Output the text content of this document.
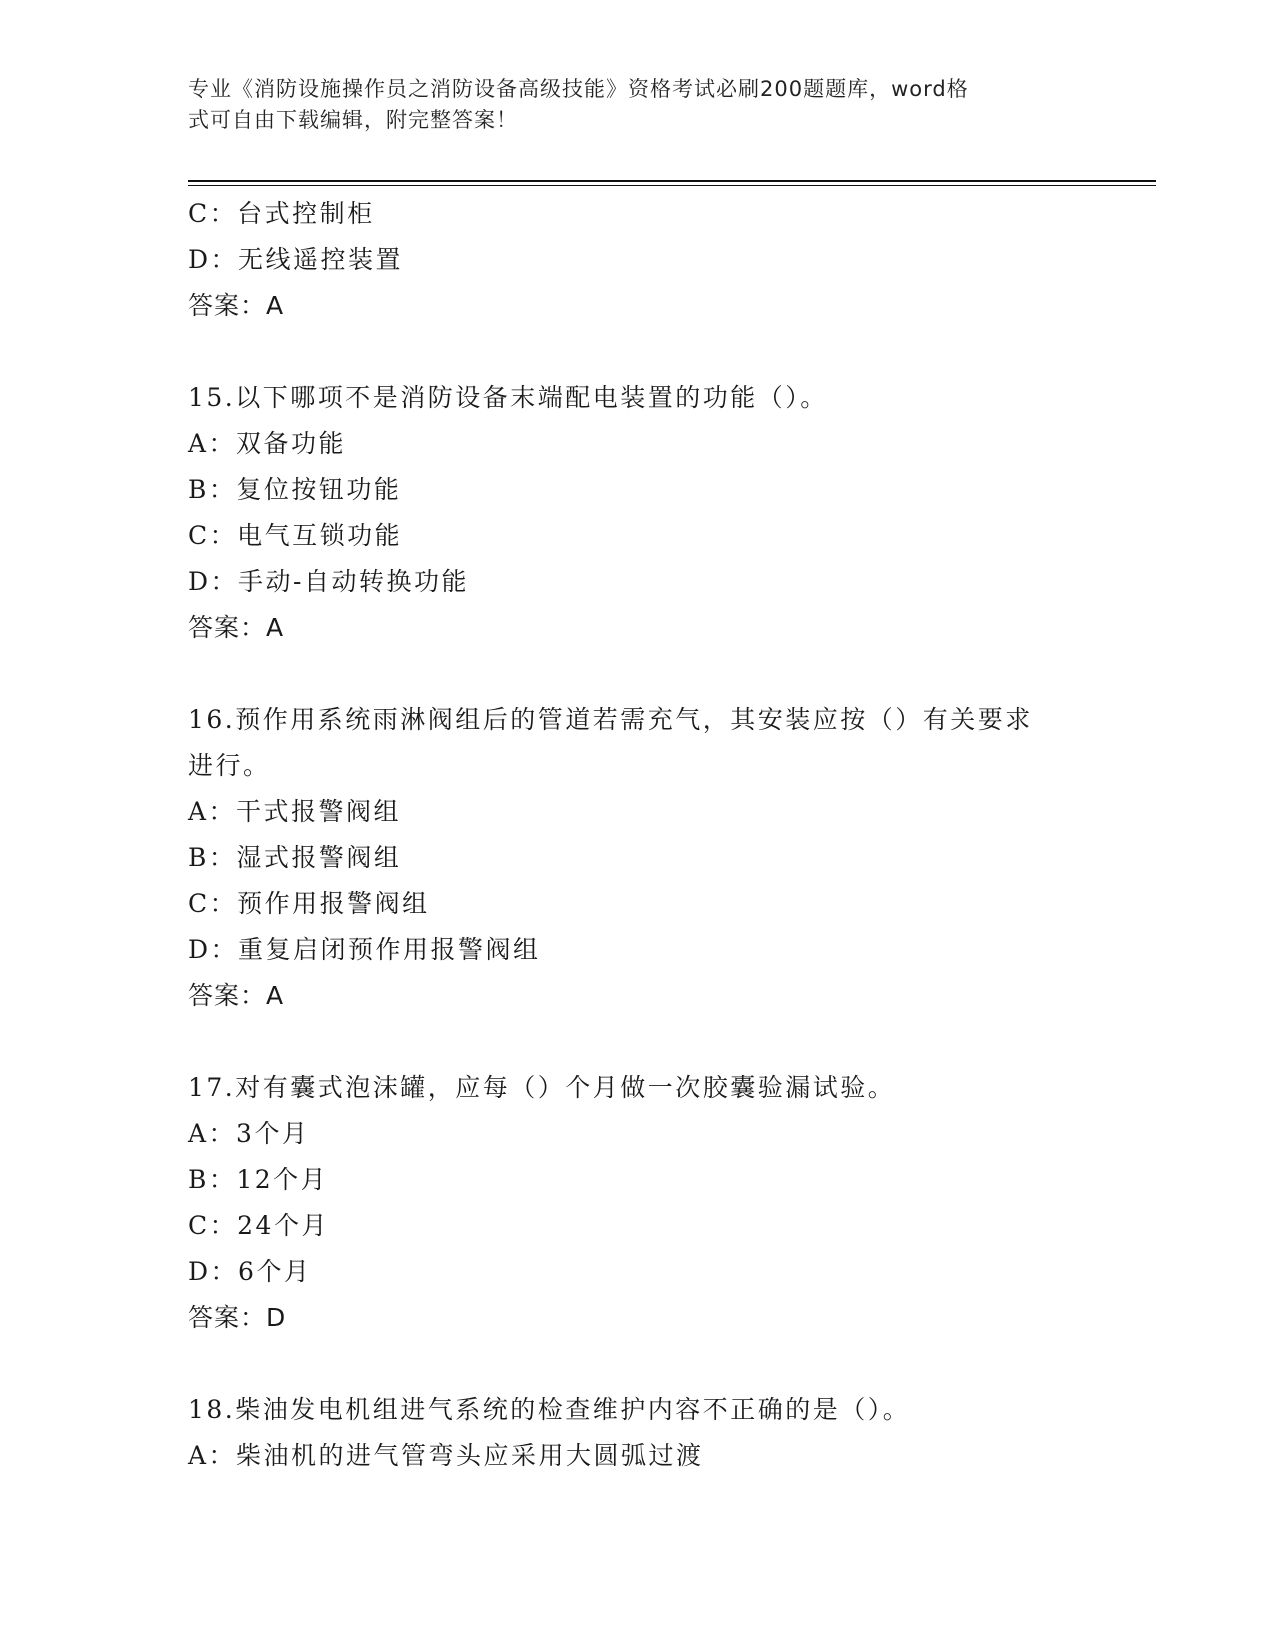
专业《消防设施操作员之消防设备高级技能》资格考试必刷200题题库，word格
式可自由下载编辑，附完整答案！
C：台式控制柜
D：无线遥控装置
答案：A
15.以下哪项不是消防设备末端配电装置的功能（）。
A：双备功能
B：复位按钮功能
C：电气互锁功能
D：手动-自动转换功能
答案：A
16.预作用系统雨淋阀组后的管道若需充气，其安装应按（）有关要求
进行。
A：干式报警阀组
B：湿式报警阀组
C：预作用报警阀组
D：重复启闭预作用报警阀组
答案：A
17.对有囊式泡沫罐，应每（）个月做一次胶囊验漏试验。
A：3个月
B：12个月
C：24个月
D：6个月
答案：D
18.柴油发电机组进气系统的检查维护内容不正确的是（）。
A：柴油机的进气管弯头应采用大圆弧过渡
